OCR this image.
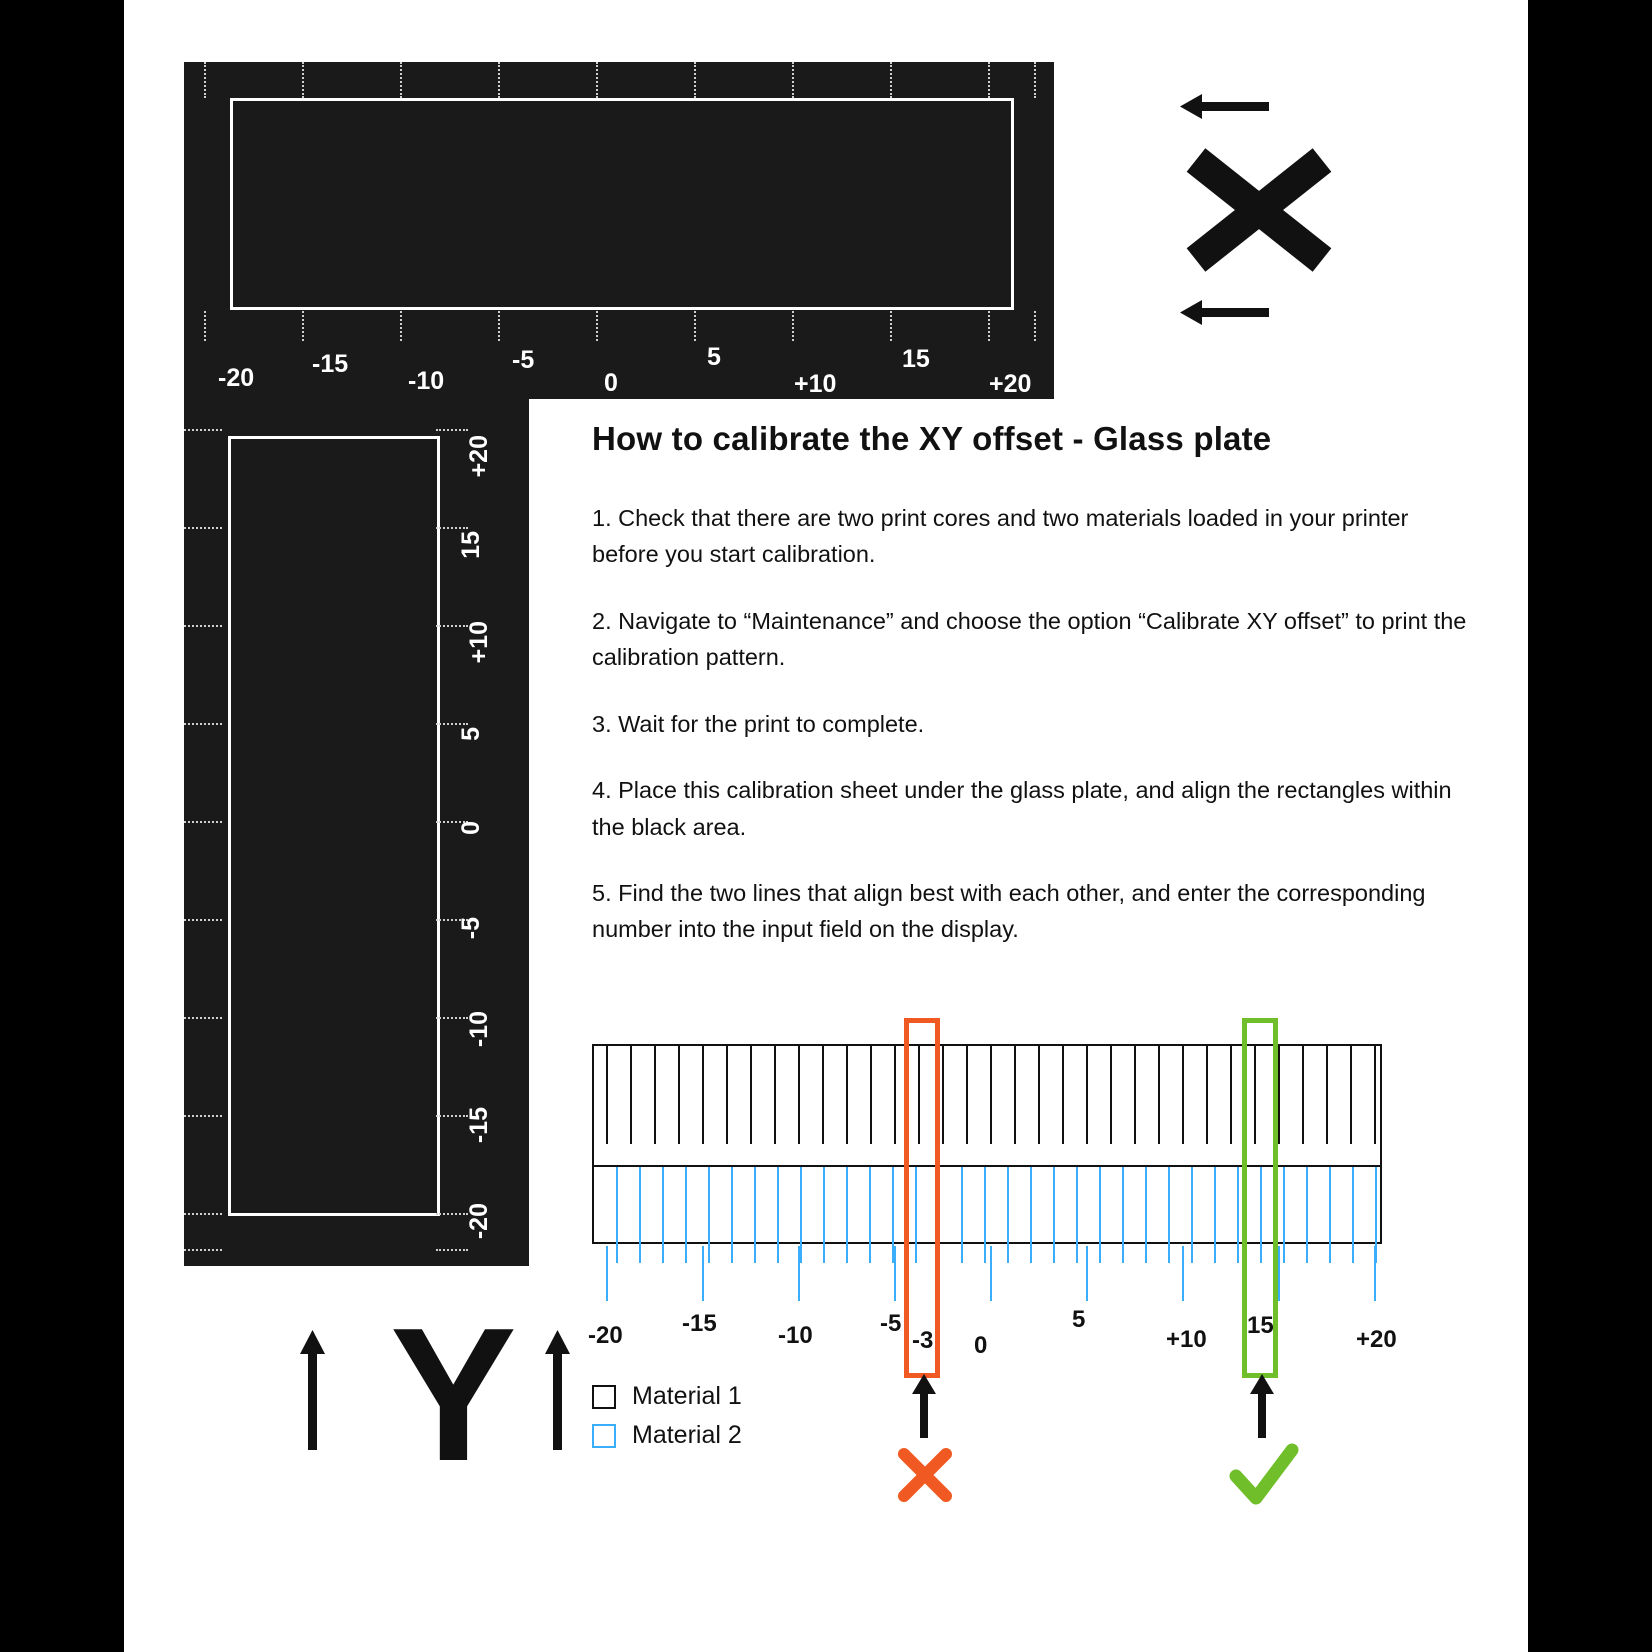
-20 -15
-10
-5
0
5
+10
15
+20
+20
15
+10
5
0
-5
-10
-15
-20
Y
How to calibrate the XY offset - Glass plate

1. Check that there are two print cores and two materials loaded in your printer before you start calibration.

2. Navigate to “Maintenance” and choose the option “Calibrate XY offset” to print the calibration pattern.

3. Wait for the print to complete.

4. Place this calibration sheet under the glass plate, and align the rectangles within the black area.

5. Find the two lines that align best with each other, and enter the corresponding number into the input field on the display.

-20 -15	-10	-5
-3 0
5
+10
15
+20
Material 1
Material 2
